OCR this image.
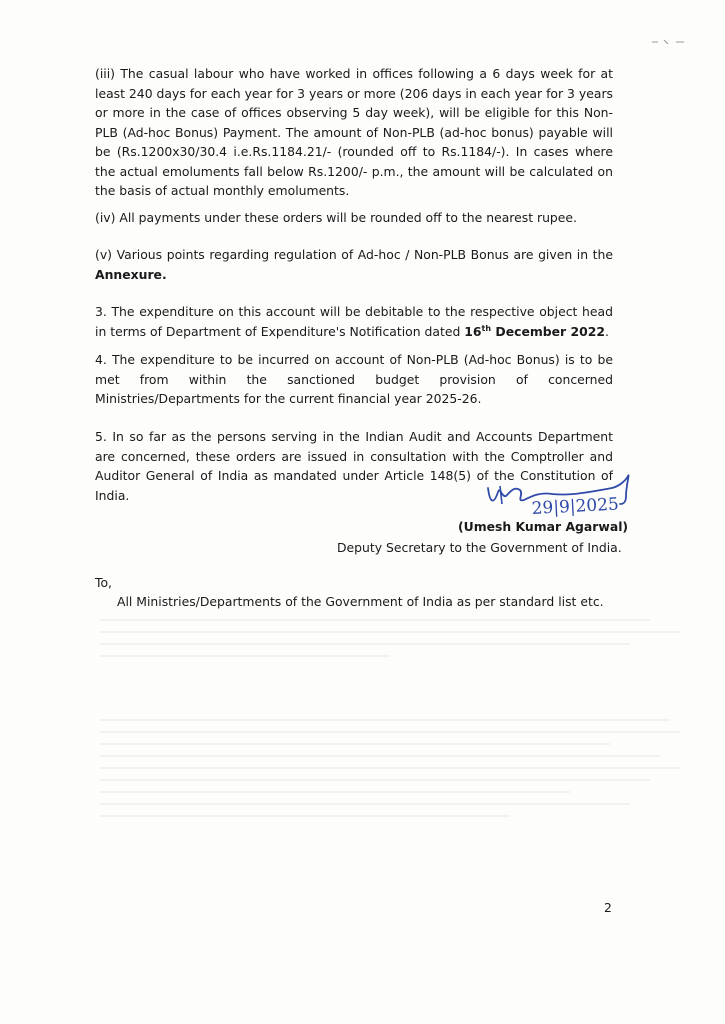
(iii) The casual labour who have worked in offices following a 6 days week for at least 240 days for each year for 3 years or more (206 days in each year for 3 years or more in the case of offices observing 5 day week), will be eligible for this Non-PLB (Ad-hoc Bonus) Payment. The amount of Non-PLB (ad-hoc bonus) payable will be (Rs.1200x30/30.4 i.e.Rs.1184.21/- (rounded off to Rs.1184/-). In cases where the actual emoluments fall below Rs.1200/- p.m., the amount will be calculated on the basis of actual monthly emoluments.

(iv) All payments under these orders will be rounded off to the nearest rupee.

(v) Various points regarding regulation of Ad-hoc / Non-PLB Bonus are given in the Annexure.

3. The expenditure on this account will be debitable to the respective object head in terms of Department of Expenditure's Notification dated 16th December 2022.

4. The expenditure to be incurred on account of Non-PLB (Ad-hoc Bonus) is to be met from within the sanctioned budget provision of concerned Ministries/Departments for the current financial year 2025-26.

5. In so far as the persons serving in the Indian Audit and Accounts Department are concerned, these orders are issued in consultation with the Comptroller and Auditor General of India as mandated under Article 148(5) of the Constitution of India.	29|9|2025

(Umesh Kumar Agarwal)

Deputy Secretary to the Government of India.

To,

All Ministries/Departments of the Government of India as per standard list etc.

2
